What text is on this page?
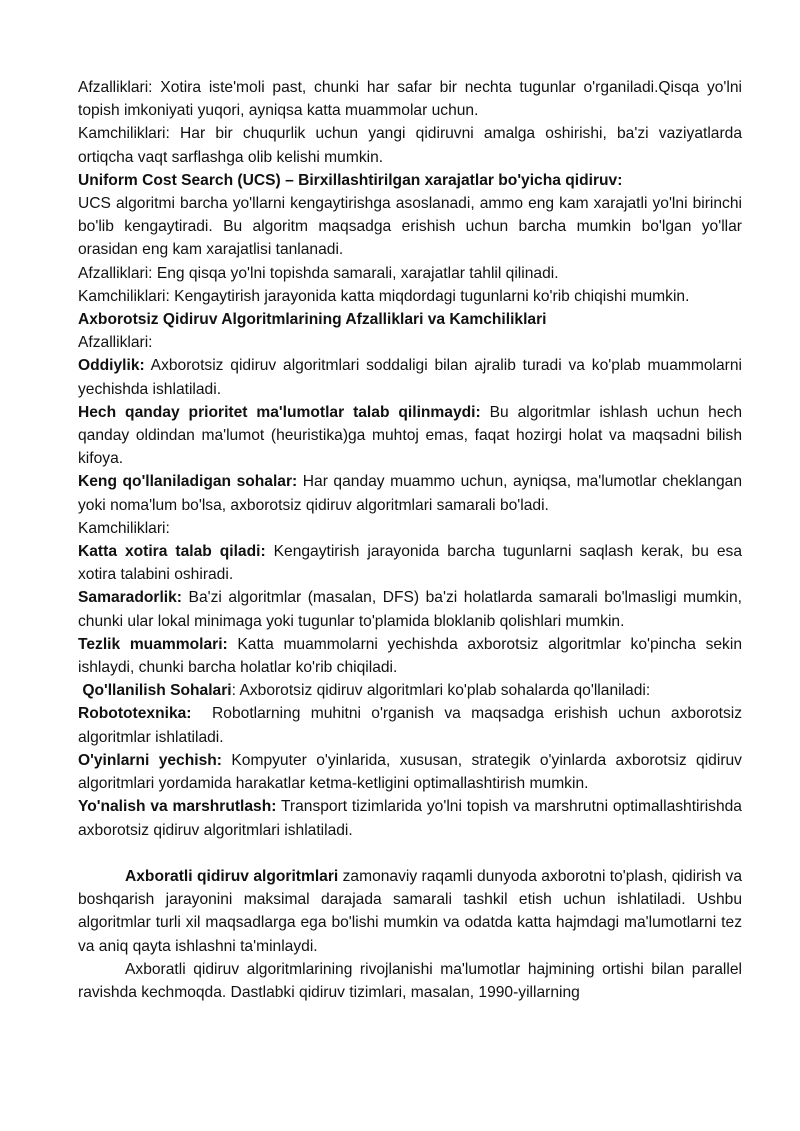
Afzalliklari: Xotira iste'moli past, chunki har safar bir nechta tugunlar o'rganiladi.Qisqa yo'lni topish imkoniyati yuqori, ayniqsa katta muammolar uchun.

Kamchiliklari: Har bir chuqurlik uchun yangi qidiruvni amalga oshirishi, ba'zi vaziyatlarda ortiqcha vaqt sarflashga olib kelishi mumkin.

Uniform Cost Search (UCS) – Birxillashtirilgan xarajatlar bo'yicha qidiruv:

UCS algoritmi barcha yo'llarni kengaytirishga asoslanadi, ammo eng kam xarajatli yo'lni birinchi bo'lib kengaytiradi. Bu algoritm maqsadga erishish uchun barcha mumkin bo'lgan yo'llar orasidan eng kam xarajatlisi tanlanadi.

Afzalliklari: Eng qisqa yo'lni topishda samarali, xarajatlar tahlil qilinadi.

Kamchiliklari: Kengaytirish jarayonida katta miqdordagi tugunlarni ko'rib chiqishi mumkin.

Axborotsiz Qidiruv Algoritmlarining Afzalliklari va Kamchiliklari

Afzalliklari:

Oddiylik: Axborotsiz qidiruv algoritmlari soddaligi bilan ajralib turadi va ko'plab muammolarni yechishda ishlatiladi.

Hech qanday prioritet ma'lumotlar talab qilinmaydi: Bu algoritmlar ishlash uchun hech qanday oldindan ma'lumot (heuristika)ga muhtoj emas, faqat hozirgi holat va maqsadni bilish kifoya.

Keng qo'llaniladigan sohalar: Har qanday muammo uchun, ayniqsa, ma'lumotlar cheklangan yoki noma'lum bo'lsa, axborotsiz qidiruv algoritmlari samarali bo'ladi.

Kamchiliklari:

Katta xotira talab qiladi: Kengaytirish jarayonida barcha tugunlarni saqlash kerak, bu esa xotira talabini oshiradi.

Samaradorlik: Ba'zi algoritmlar (masalan, DFS) ba'zi holatlarda samarali bo'lmasligi mumkin, chunki ular lokal minimaga yoki tugunlar to'plamida bloklanib qolishlari mumkin.

Tezlik muammolari: Katta muammolarni yechishda axborotsiz algoritmlar ko'pincha sekin ishlaydi, chunki barcha holatlar ko'rib chiqiladi.

Qo'llanilish Sohalari: Axborotsiz qidiruv algoritmlari ko'plab sohalarda qo'llaniladi:

Robototexnika:  Robotlarning muhitni o'rganish va maqsadga erishish uchun axborotsiz algoritmlar ishlatiladi.

O'yinlarni yechish: Kompyuter o'yinlarida, xususan, strategik o'yinlarda axborotsiz qidiruv algoritmlari yordamida harakatlar ketma-ketligini optimallashtirish mumkin.

Yo'nalish va marshrutlash: Transport tizimlarida yo'lni topish va marshrutni optimallashtirishda axborotsiz qidiruv algoritmlari ishlatiladi.

Axboratli qidiruv algoritmlari zamonaviy raqamli dunyoda axborotni to'plash, qidirish va boshqarish jarayonini maksimal darajada samarali tashkil etish uchun ishlatiladi. Ushbu algoritmlar turli xil maqsadlarga ega bo'lishi mumkin va odatda katta hajmdagi ma'lumotlarni tez va aniq qayta ishlashni ta'minlaydi.

Axboratli qidiruv algoritmlarining rivojlanishi ma'lumotlar hajmining ortishi bilan parallel ravishda kechmoqda. Dastlabki qidiruv tizimlari, masalan, 1990-yillarning
